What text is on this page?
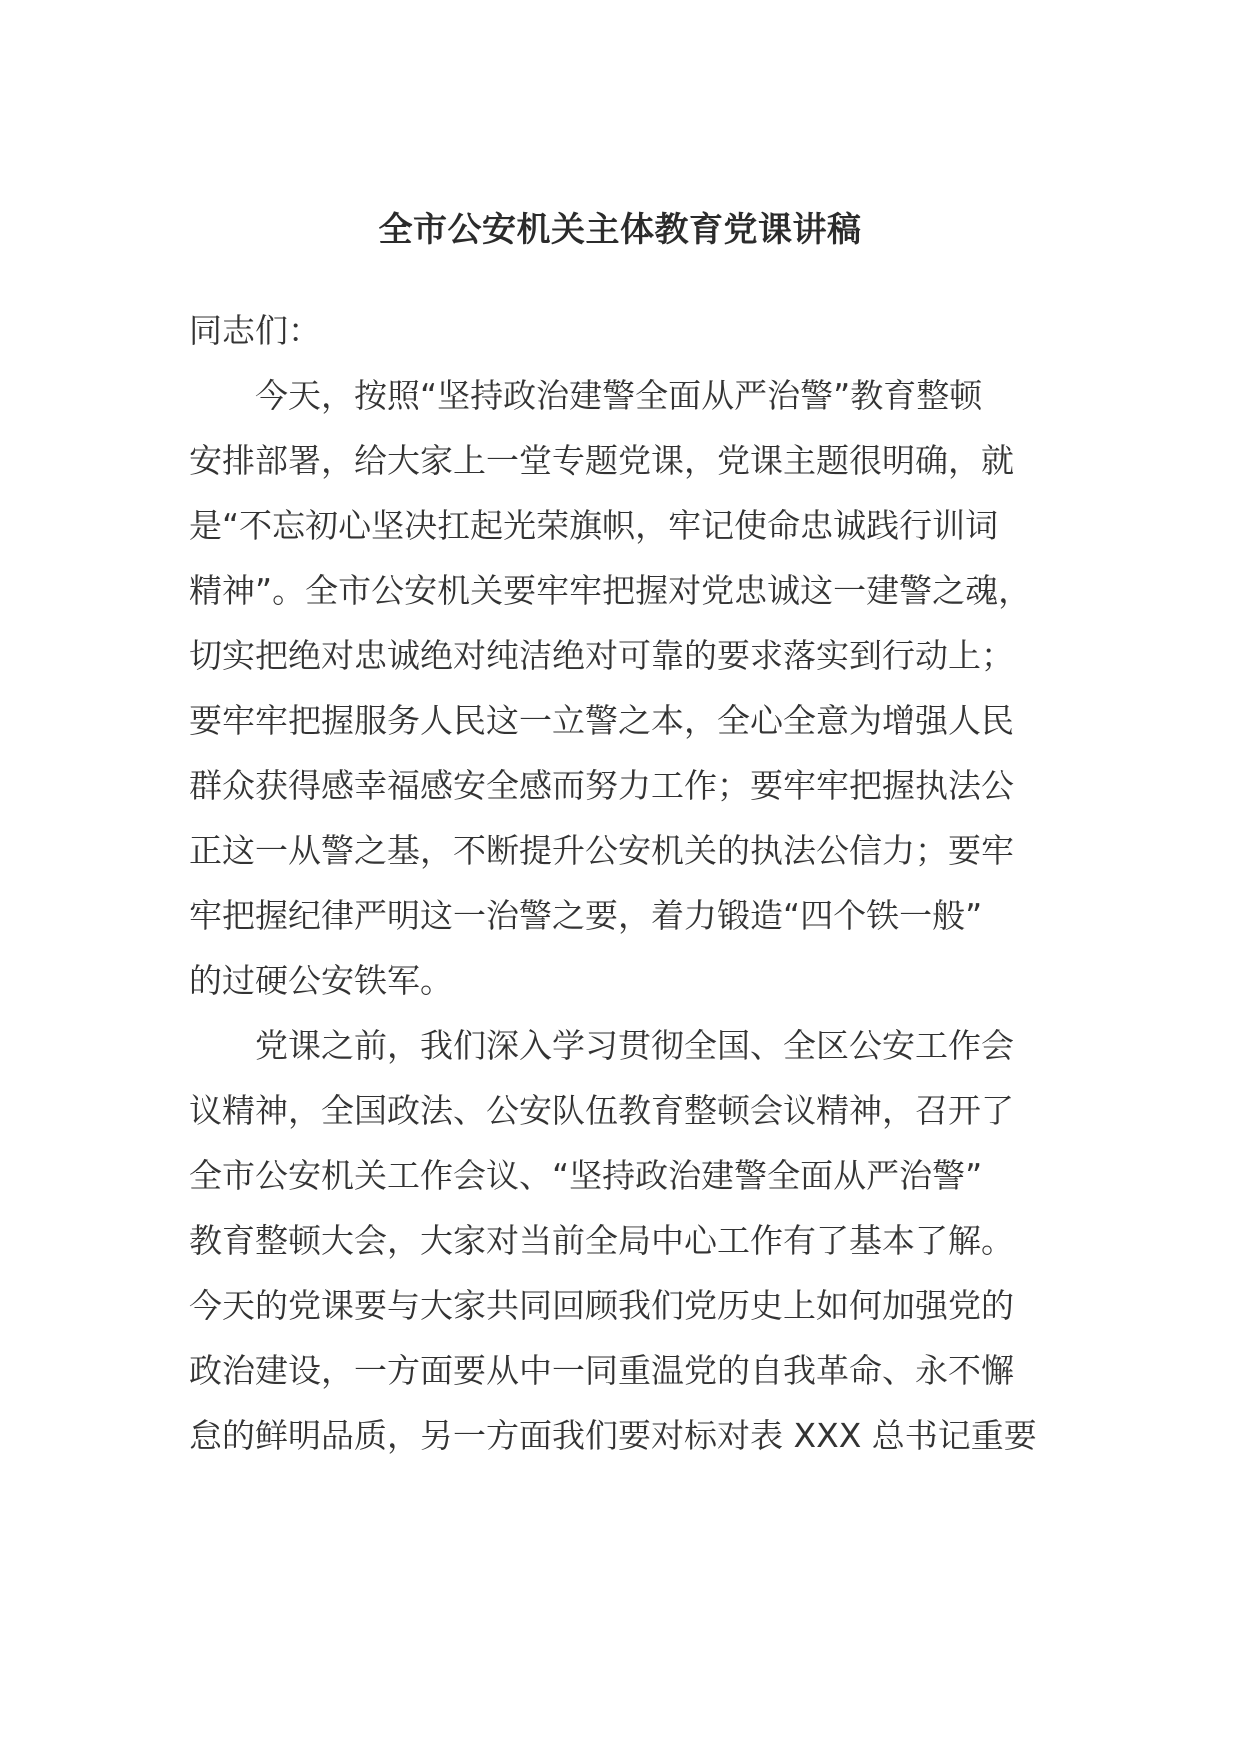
全市公安机关主体教育党课讲稿
同志们：
　　今天，按照“坚持政治建警全面从严治警”教育整顿
安排部署，给大家上一堂专题党课，党课主题很明确，就
是“不忘初心坚决扛起光荣旗帜，牢记使命忠诚践行训词
精神”。全市公安机关要牢牢把握对党忠诚这一建警之魂，
切实把绝对忠诚绝对纯洁绝对可靠的要求落实到行动上；
要牢牢把握服务人民这一立警之本，全心全意为增强人民
群众获得感幸福感安全感而努力工作；要牢牢把握执法公
正这一从警之基，不断提升公安机关的执法公信力；要牢
牢把握纪律严明这一治警之要，着力锻造“四个铁一般”
的过硬公安铁军。
　　党课之前，我们深入学习贯彻全国、全区公安工作会
议精神，全国政法、公安队伍教育整顿会议精神，召开了
全市公安机关工作会议、“坚持政治建警全面从严治警”
教育整顿大会，大家对当前全局中心工作有了基本了解。
今天的党课要与大家共同回顾我们党历史上如何加强党的
政治建设，一方面要从中一同重温党的自我革命、永不懈
怠的鲜明品质，另一方面我们要对标对表 XXX 总书记重要
